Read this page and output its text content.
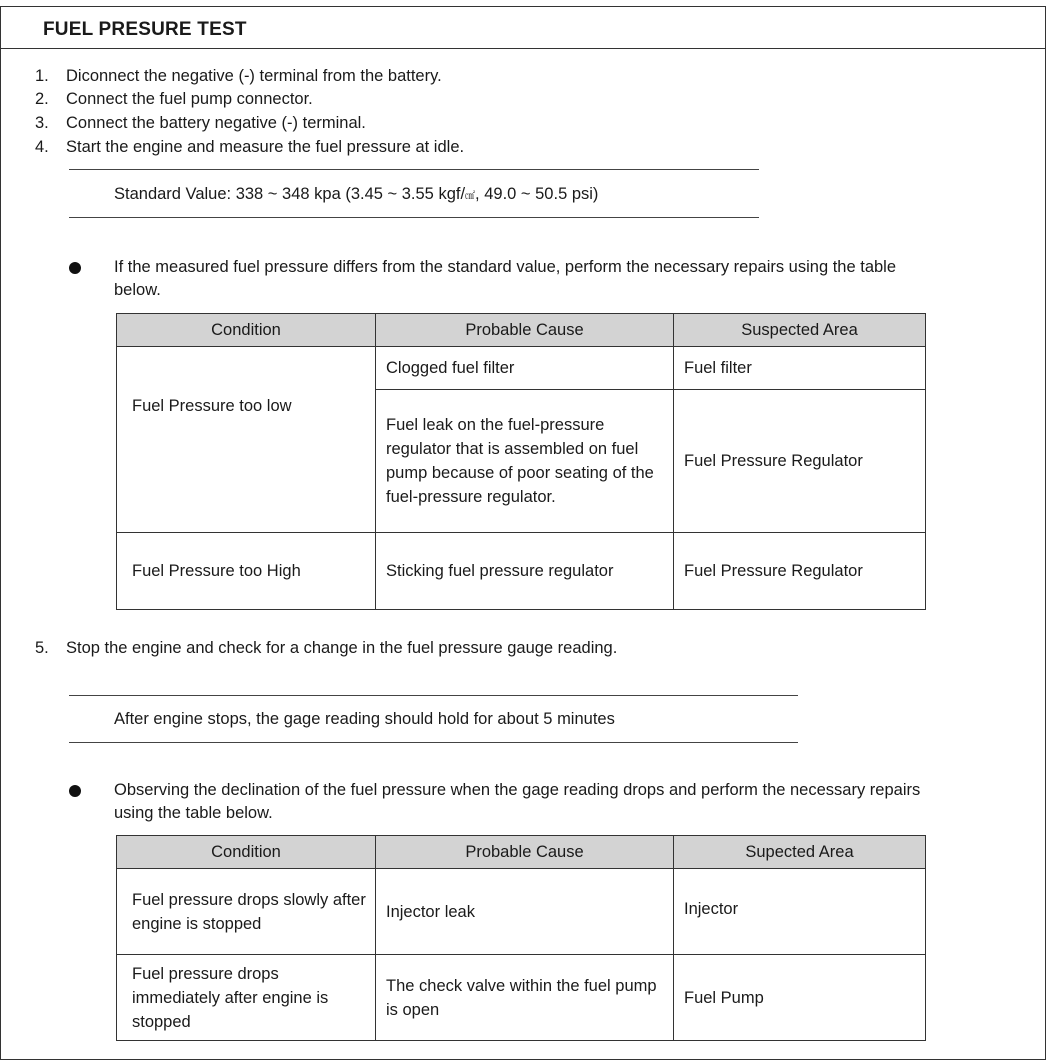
FUEL PRESURE TEST
1. Diconnect the negative (-) terminal from the battery.
2. Connect the fuel pump connector.
3. Connect the battery negative (-) terminal.
4. Start the engine and measure the fuel pressure at idle.
Standard Value: 338 ~ 348 kpa (3.45 ~ 3.55 kgf/㎠, 49.0 ~ 50.5 psi)
If the measured fuel pressure differs from the standard value, perform the necessary repairs using the table below.
Condition	Probable Cause	Suspected Area
Fuel Pressure too low	Clogged fuel filter	Fuel filter
	Fuel leak on the fuel-pressure regulator that is assembled on fuel pump because of poor seating of the fuel-pressure regulator.	Fuel Pressure Regulator
Fuel Pressure too High	Sticking fuel pressure regulator	Fuel Pressure Regulator
5. Stop the engine and check for a change in the fuel pressure gauge reading.
After engine stops, the gage reading should hold for about 5 minutes
Observing the declination of the fuel pressure when the gage reading drops and perform the necessary repairs using the table below.
Condition	Probable Cause	Supected Area
Fuel pressure drops slowly after engine is stopped	Injector leak	Injector
Fuel pressure drops immediately after engine is stopped	The check valve within the fuel pump is open	Fuel Pump
